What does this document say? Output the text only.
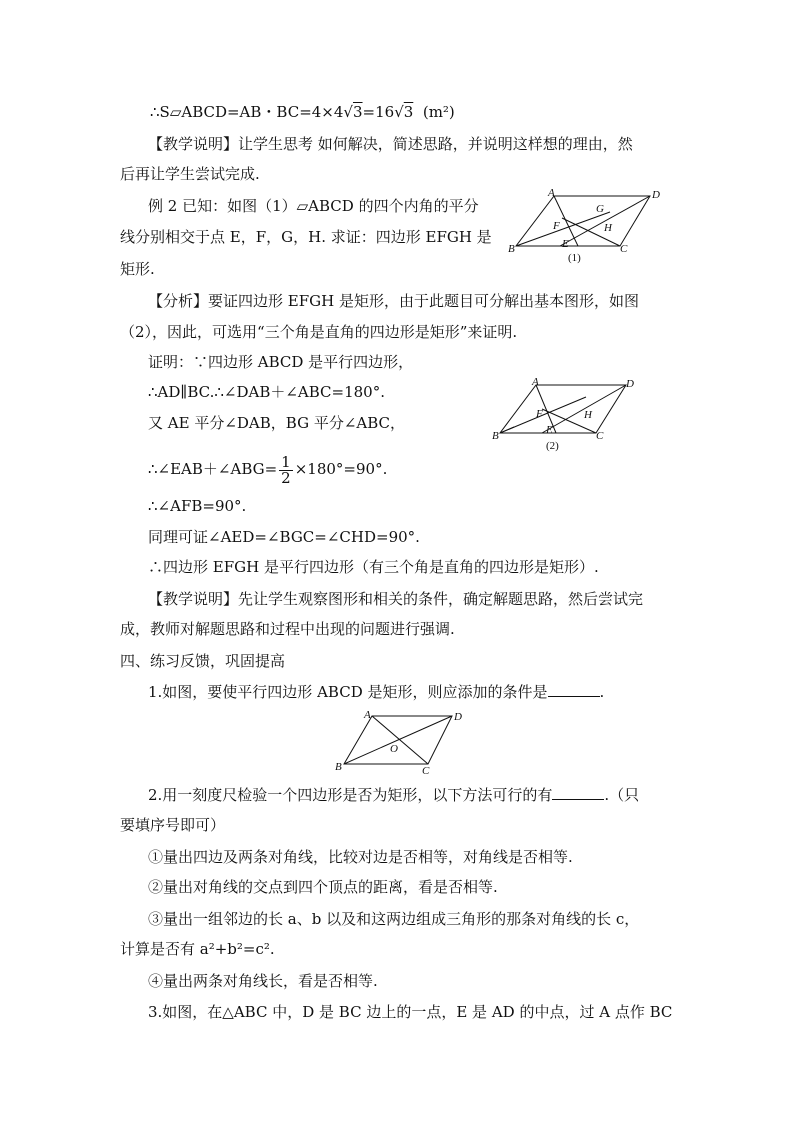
∴S▱ABCD=AB・BC=4×4√3=16√3 (m²)
【教学说明】让学生思考 如何解决，简述思路，并说明这样想的理由，然
后再让学生尝试完成.
例 2 已知：如图（1）▱ABCD 的四个内角的平分
线分别相交于点 E，F，G，H. 求证：四边形 EFGH 是
矩形.
A	D
G
F	H
B	E	C
(1)
【分析】要证四边形 EFGH 是矩形，由于此题目可分解出基本图形，如图
（2），因此，可选用“三个角是直角的四边形是矩形”来证明.
证明：∵四边形 ABCD 是平行四边形，
∴AD∥BC.∴∠DAB＋∠ABC=180°.
又 AE 平分∠DAB，BG 平分∠ABC，
∴∠EAB＋∠ABG= $\frac{1}{2} \times 180^\circ=90^\circ$.
∴∠AFB=90°.
同理可证∠AED=∠BGC=∠CHD=90°.
∴四边形 EFGH 是平行四边形（有三个角是直角的四边形是矩形）.
A	D
F	H
B	E	C
(2)
【教学说明】先让学生观察图形和相关的条件，确定解题思路，然后尝试完
成，教师对解题思路和过程中出现的问题进行强调.
四、练习反馈，巩固提高
1.如图，要使平行四边形 ABCD 是矩形，则应添加的条件是	.
A	D
O
B	C
2.用一刻度尺检验一个四边形是否为矩形，以下方法可行的有	.（只
要填序号即可）
①量出四边及两条对角线，比较对边是否相等，对角线是否相等.
②量出对角线的交点到四个顶点的距离，看是否相等.
③量出一组邻边的长 a、b 以及和这两边组成三角形的那条对角线的长 c，
计算是否有 a²+b²=c².
④量出两条对角线长，看是否相等.
3.如图，在△ABC 中，D 是 BC 边上的一点，E 是 AD 的中点，过 A 点作 BC
